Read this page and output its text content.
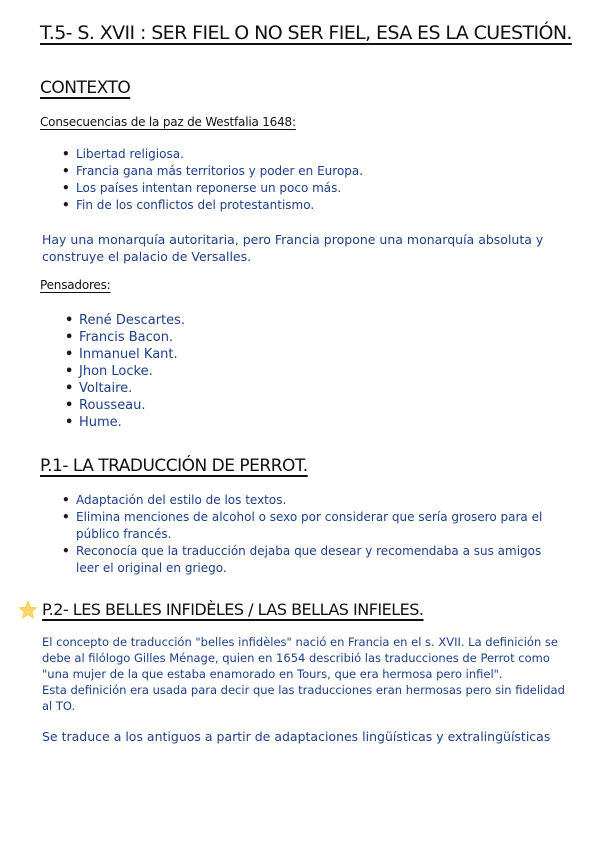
T.5- S. XVII : SER FIEL O NO SER FIEL, ESA ES LA CUESTIÓN.
CONTEXTO
Consecuencias de la paz de Westfalia 1648:
• Libertad religiosa.
• Francia gana más territorios y poder en Europa.
• Los países intentan reponerse un poco más.
• Fin de los conflictos del protestantismo.

Hay una monarquía autoritaria, pero Francia propone una monarquía absoluta y construye el palacio de Versalles.

Pensadores:
• René Descartes.
• Francis Bacon.
• Inmanuel Kant.
• Jhon Locke.
• Voltaire.
• Rousseau.
• Hume.
P.1- LA TRADUCCIÓN DE PERROT.
• Adaptación del estilo de los textos.
• Elimina menciones de alcohol o sexo por considerar que sería grosero para el público francés.
• Reconocía que la traducción dejaba que desear y recomendaba a sus amigos leer el original en griego.
P.2- LES BELLES INFIDÈLES / LAS BELLAS INFIELES.

El concepto de traducción "belles infidèles" nació en Francia en el s. XVII. La definición se debe al filólogo Gilles Ménage, quien en 1654 describió las traducciones de Perrot como "una mujer de la que estaba enamorado en Tours, que era hermosa pero infiel".

Esta definición era usada para decir que las traducciones eran hermosas pero sin fidelidad al TO.

Se traduce a los antiguos a partir de adaptaciones lingüísticas y extralingüísticas
